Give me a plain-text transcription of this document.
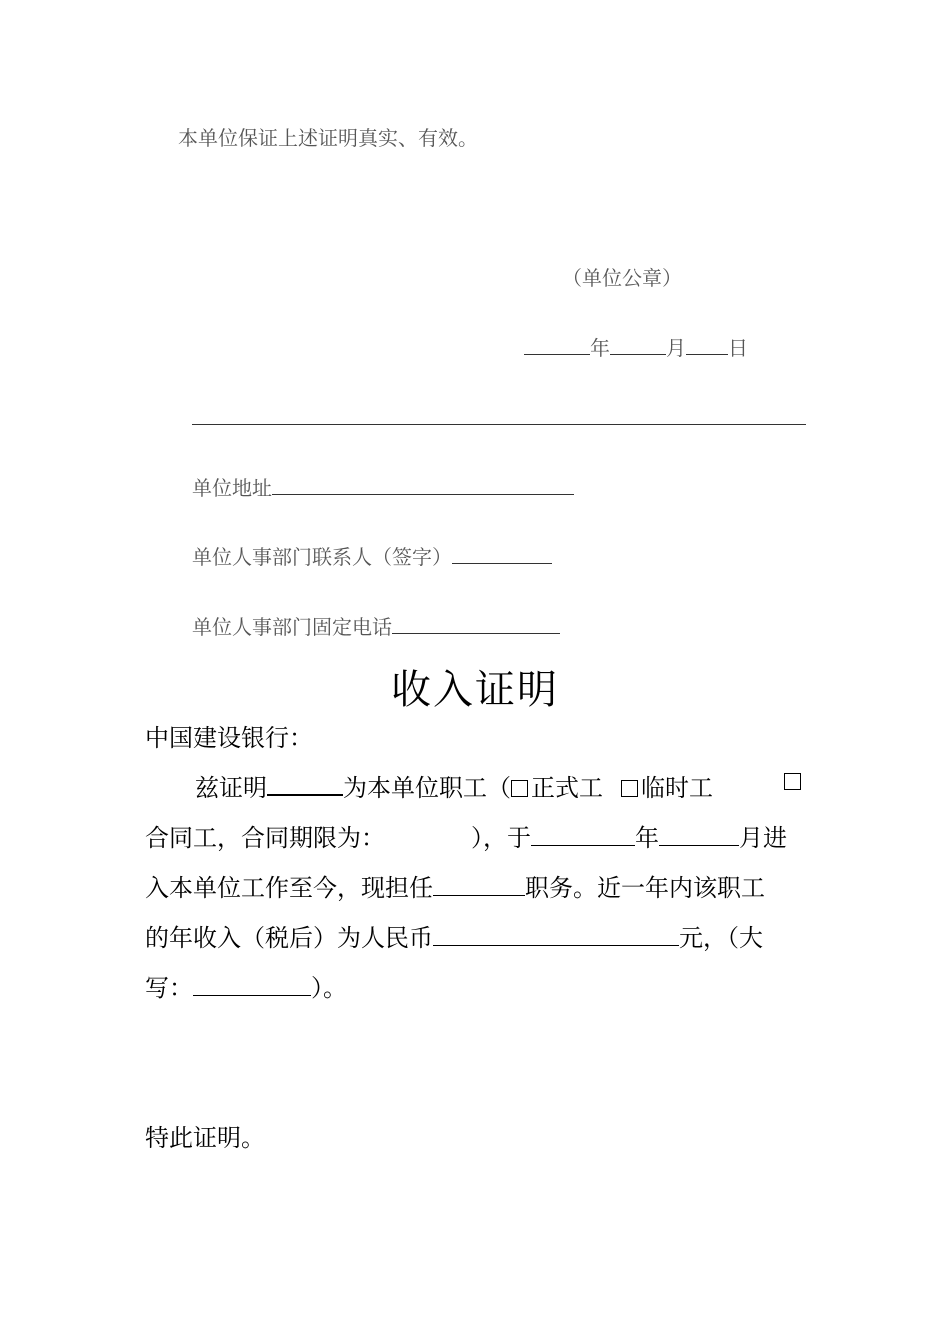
本单位保证上述证明真实、有效。
（单位公章）
年	月 日
单位地址
单位人事部门联系人（签字）
单位人事部门固定电话
收入证明
中国建设银行：
兹证明	为本单位职工（ 正式工 临时工
合同工，合同期限为：	），于	年	月进
入本单位工作至今，现担任	职务。近一年内该职工
的年收入（税后）为人民币	元，（大
写：	）。
特此证明。
